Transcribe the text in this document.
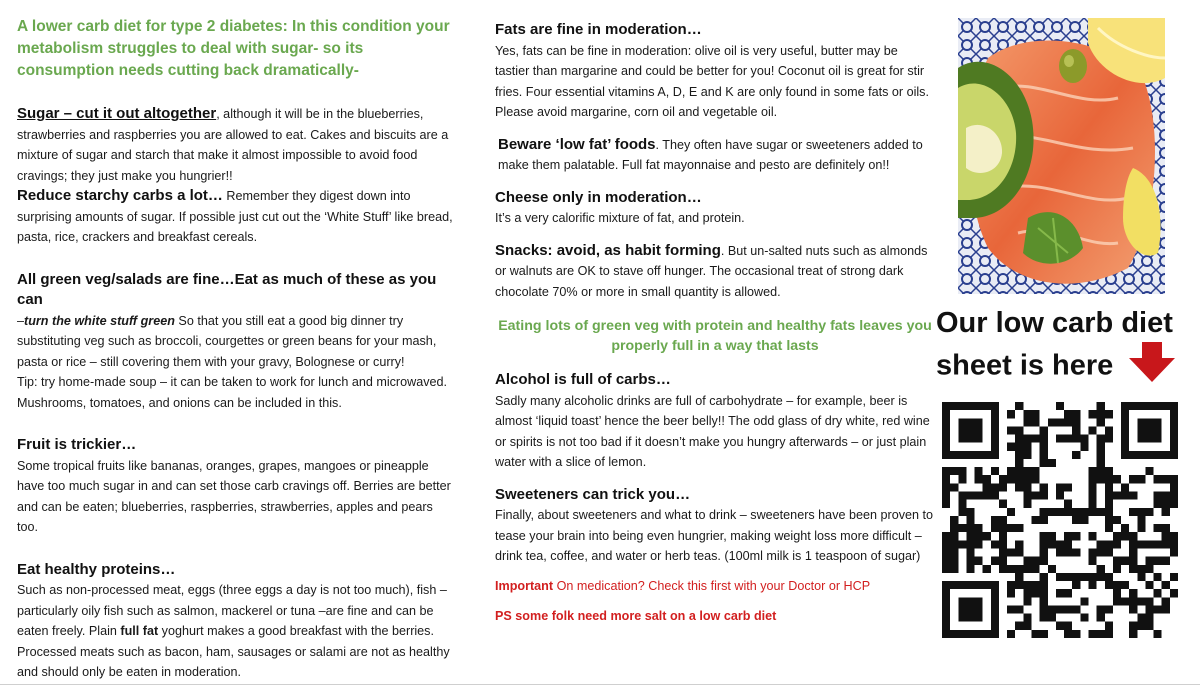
A lower carb diet for type 2 diabetes: In this condition your metabolism struggles to deal with sugar- so its consumption needs cutting back dramatically-
Sugar – cut it out altogether, although it will be in the blueberries, strawberries and raspberries you are allowed to eat. Cakes and biscuits are a mixture of sugar and starch that make it almost impossible to avoid food cravings; they just make you hungrier!!
Reduce starchy carbs a lot… Remember they digest down into surprising amounts of sugar. If possible just cut out the ‘White Stuff’ like bread, pasta, rice, crackers and breakfast cereals.
All green veg/salads are fine…Eat as much of these as you can
–turn the white stuff green So that you still eat a good big dinner try substituting veg such as broccoli, courgettes or green beans for your mash, pasta or rice – still covering them with your gravy, Bolognese or curry!
Tip: try home-made soup – it can be taken to work for lunch and microwaved. Mushrooms, tomatoes, and onions can be included in this.
Fruit is trickier…
Some tropical fruits like bananas, oranges, grapes, mangoes or pineapple have too much sugar in and can set those carb cravings off. Berries are better and can be eaten; blueberries, raspberries, strawberries, apples and pears too.
Eat healthy proteins…
Such as non-processed meat, eggs (three eggs a day is not too much), fish – particularly oily fish such as salmon, mackerel or tuna –are fine and can be eaten freely. Plain full fat yoghurt makes a good breakfast with the berries. Processed meats such as bacon, ham, sausages or salami are not as healthy and should only be eaten in moderation.
Fats are fine in moderation…
Yes, fats can be fine in moderation: olive oil is very useful, butter may be tastier than margarine and could be better for you! Coconut oil is great for stir fries. Four essential vitamins A, D, E and K are only found in some fats or oils. Please avoid margarine, corn oil and vegetable oil.
Beware ‘low fat’ foods. They often have sugar or sweeteners added to make them palatable. Full fat mayonnaise and pesto are definitely on!!
Cheese only in moderation…
It’s a very calorific mixture of fat, and protein.
Snacks: avoid, as habit forming. But un-salted nuts such as almonds or walnuts are OK to stave off hunger. The occasional treat of strong dark chocolate 70% or more in small quantity is allowed.
Eating lots of green veg with protein and healthy fats leaves you properly full in a way that lasts
Alcohol is full of carbs…
Sadly many alcoholic drinks are full of carbohydrate – for example, beer is almost ‘liquid toast’ hence the beer belly!! The odd glass of dry white, red wine or spirits is not too bad if it doesn’t make you hungry afterwards – or just plain water with a slice of lemon.
Sweeteners can trick you…
Finally, about sweeteners and what to drink – sweeteners have been proven to tease your brain into being even hungrier, making weight loss more difficult – drink tea, coffee, and water or herb teas. (100ml milk is 1 teaspoon of sugar)
Important On medication? Check this first with your Doctor or HCP
PS some folk need more salt on a low carb diet
Our low carb diet sheet is here
